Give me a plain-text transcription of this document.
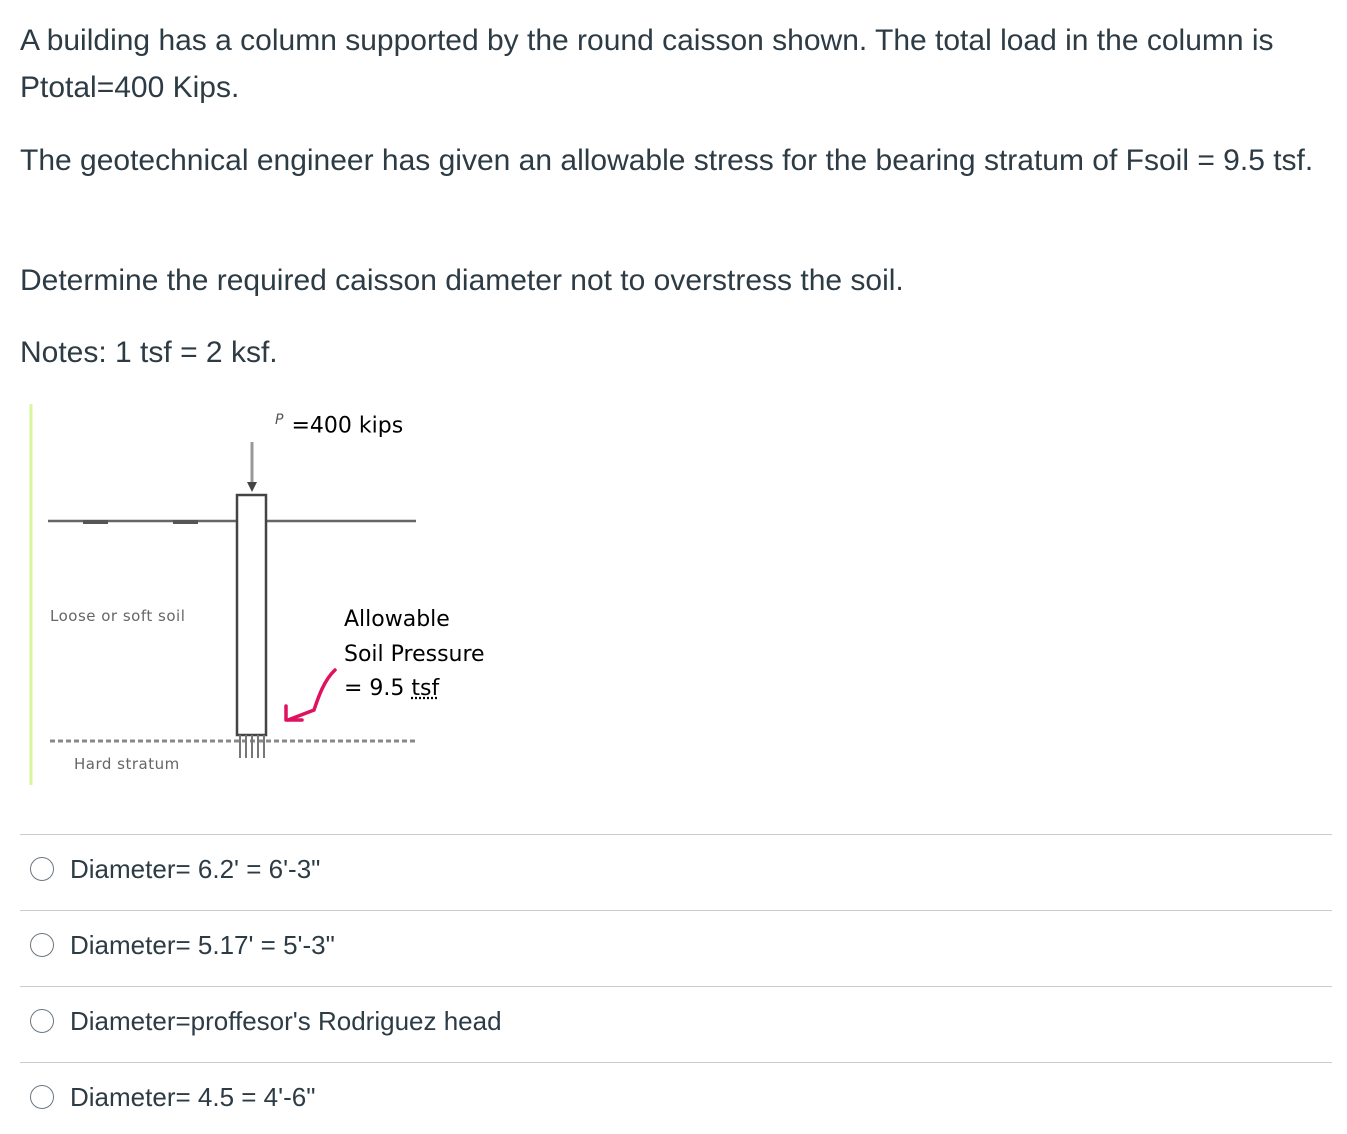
A building has a column supported by the round caisson shown. The total load in the column is Ptotal=400 Kips.

The geotechnical engineer has given an allowable stress for the bearing stratum of Fsoil = 9.5 tsf.

Determine the required caisson diameter not to overstress the soil.

Notes: 1 tsf = 2 ksf.

$^P$ =400 kips
Loose or soft soil
Hard stratum
Allowable
Soil Pressure
= 9.5 tsf
Diameter= 6.2' = 6'-3"
Diameter= 5.17' = 5'-3"
Diameter=proffesor's Rodriguez head
Diameter= 4.5 = 4'-6"
